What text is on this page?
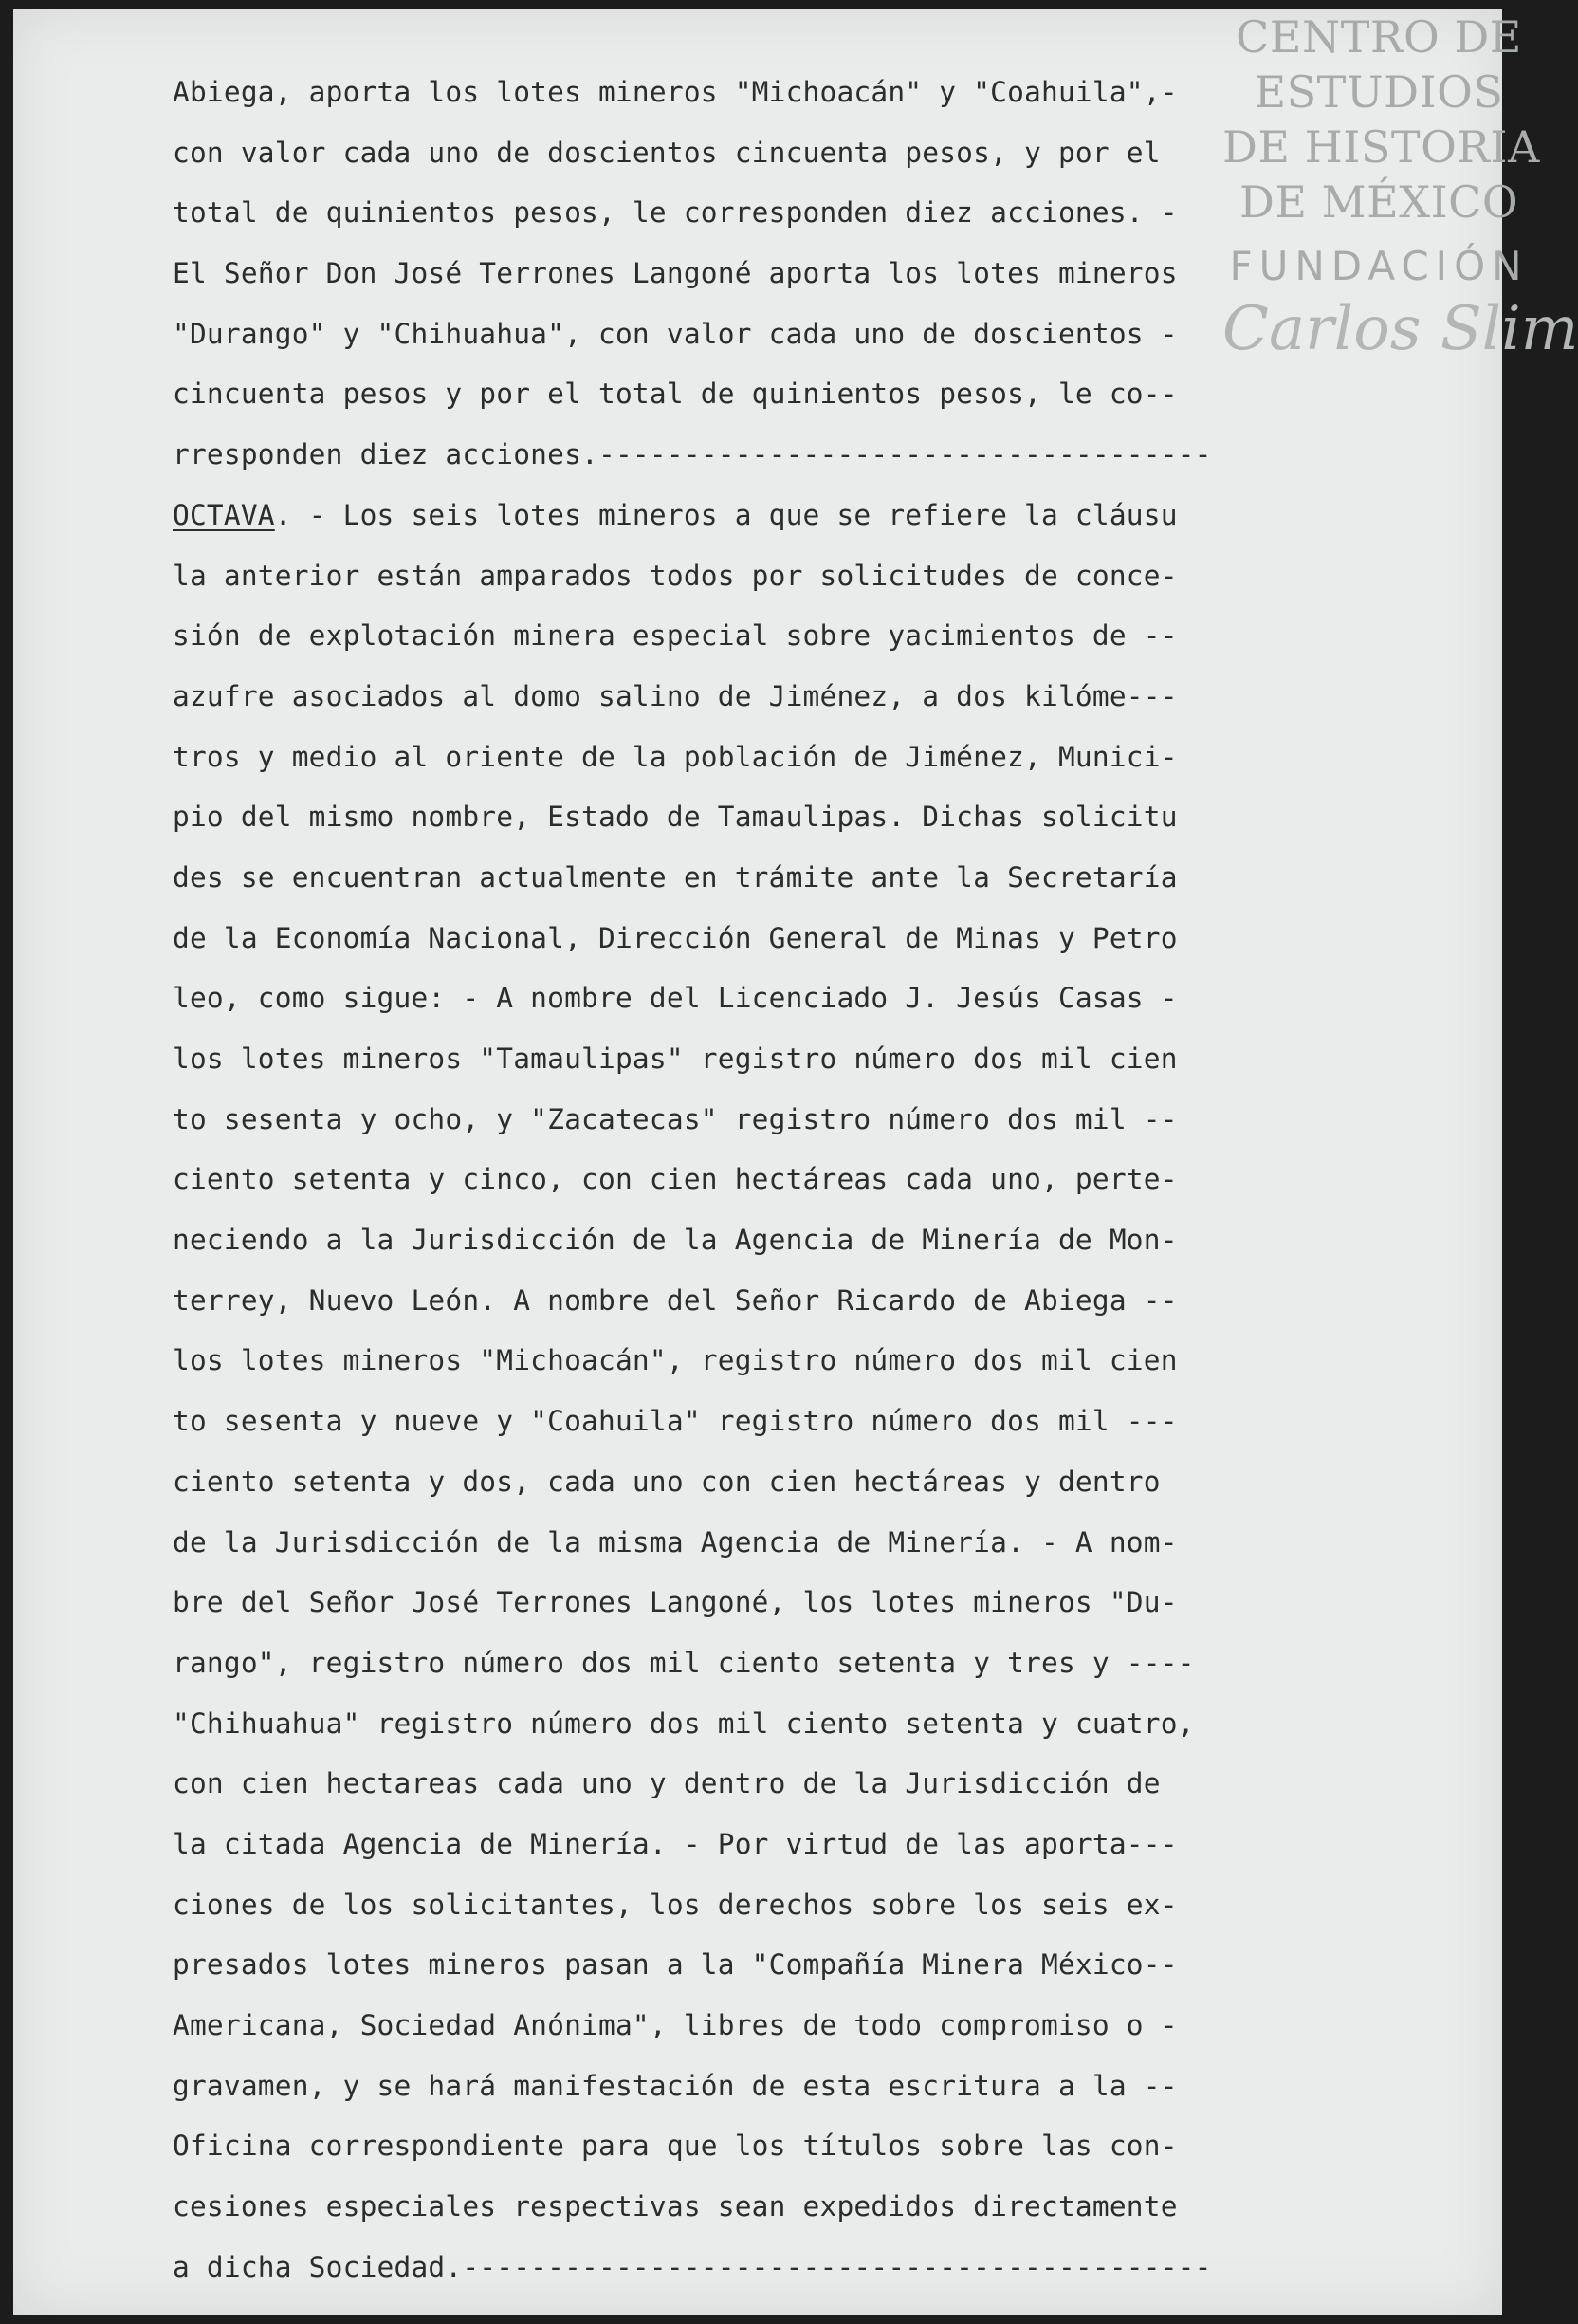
CENTRO DE
ESTUDIOS
DE HISTORIA
DE MÉXICO
FUNDACIÓN
Carlos Slim
Abiega, aporta los lotes mineros "Michoacán" y "Coahuila",-
con valor cada uno de doscientos cincuenta pesos, y por el
total de quinientos pesos, le corresponden diez acciones. -
El Señor Don José Terrones Langoné aporta los lotes mineros
"Durango" y "Chihuahua", con valor cada uno de doscientos -
cincuenta pesos y por el total de quinientos pesos, le co--
rresponden diez acciones.------------------------------------
OCTAVA. - Los seis lotes mineros a que se refiere la cláusu
la anterior están amparados todos por solicitudes de conce-
sión de explotación minera especial sobre yacimientos de --
azufre asociados al domo salino de Jiménez, a dos kilóme---
tros y medio al oriente de la población de Jiménez, Munici-
pio del mismo nombre, Estado de Tamaulipas. Dichas solicitu
des se encuentran actualmente en trámite ante la Secretaría
de la Economía Nacional, Dirección General de Minas y Petro
leo, como sigue: - A nombre del Licenciado J. Jesús Casas -
los lotes mineros "Tamaulipas" registro número dos mil cien
to sesenta y ocho, y "Zacatecas" registro número dos mil --
ciento setenta y cinco, con cien hectáreas cada uno, perte-
neciendo a la Jurisdicción de la Agencia de Minería de Mon-
terrey, Nuevo León. A nombre del Señor Ricardo de Abiega --
los lotes mineros "Michoacán", registro número dos mil cien
to sesenta y nueve y "Coahuila" registro número dos mil ---
ciento setenta y dos, cada uno con cien hectáreas y dentro
de la Jurisdicción de la misma Agencia de Minería. - A nom-
bre del Señor José Terrones Langoné, los lotes mineros "Du-
rango", registro número dos mil ciento setenta y tres y ----
"Chihuahua" registro número dos mil ciento setenta y cuatro,
con cien hectareas cada uno y dentro de la Jurisdicción de
la citada Agencia de Minería. - Por virtud de las aporta---
ciones de los solicitantes, los derechos sobre los seis ex-
presados lotes mineros pasan a la "Compañía Minera México--
Americana, Sociedad Anónima", libres de todo compromiso o -
gravamen, y se hará manifestación de esta escritura a la --
Oficina correspondiente para que los títulos sobre las con-
cesiones especiales respectivas sean expedidos directamente
a dicha Sociedad.--------------------------------------------
